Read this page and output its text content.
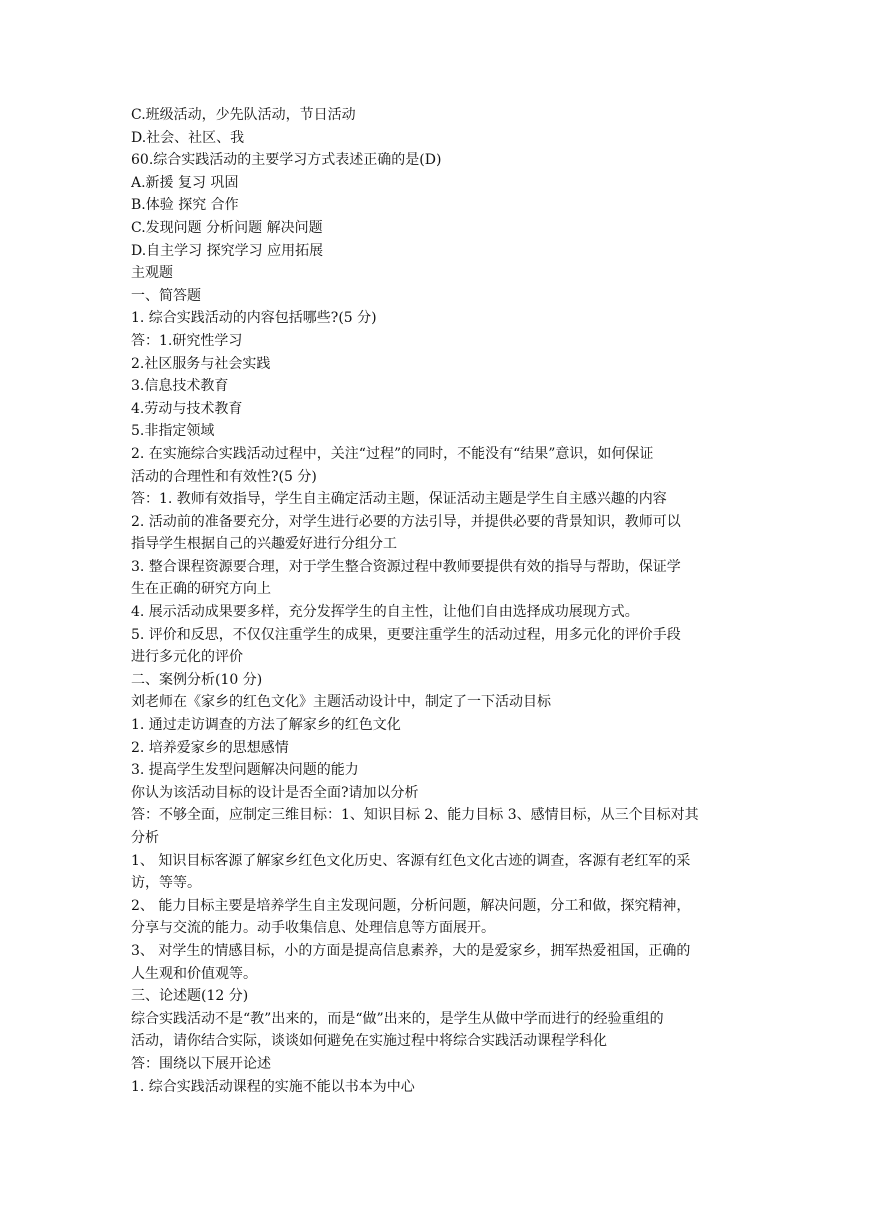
C.班级活动，少先队活动，节日活动
D.社会、社区、我
60.综合实践活动的主要学习方式表述正确的是(D)
A.新援 复习 巩固
B.体验 探究 合作
C.发现问题 分析问题 解决问题
D.自主学习 探究学习 应用拓展
主观题
一、简答题
1. 综合实践活动的内容包括哪些?(5 分)
答：1.研究性学习
2.社区服务与社会实践
3.信息技术教育
4.劳动与技术教育
5.非指定领域
2. 在实施综合实践活动过程中，关注“过程”的同时，不能没有“结果”意识，如何保证
活动的合理性和有效性?(5 分)
答：1. 教师有效指导，学生自主确定活动主题，保证活动主题是学生自主感兴趣的内容
2. 活动前的准备要充分，对学生进行必要的方法引导，并提供必要的背景知识，教师可以
指导学生根据自己的兴趣爱好进行分组分工
3. 整合课程资源要合理，对于学生整合资源过程中教师要提供有效的指导与帮助，保证学
生在正确的研究方向上
4. 展示活动成果要多样，充分发挥学生的自主性，让他们自由选择成功展现方式。
5. 评价和反思，不仅仅注重学生的成果，更要注重学生的活动过程，用多元化的评价手段
进行多元化的评价
二、案例分析(10 分)
刘老师在《家乡的红色文化》主题活动设计中，制定了一下活动目标
1. 通过走访调查的方法了解家乡的红色文化
2. 培养爱家乡的思想感情
3. 提高学生发型问题解决问题的能力
你认为该活动目标的设计是否全面?请加以分析
答：不够全面，应制定三维目标：1、知识目标 2、能力目标 3、感情目标，从三个目标对其
分析
1、 知识目标客源了解家乡红色文化历史、客源有红色文化古迹的调查，客源有老红军的采
访，等等。
2、 能力目标主要是培养学生自主发现问题，分析问题，解决问题，分工和做，探究精神，
分享与交流的能力。动手收集信息、处理信息等方面展开。
3、 对学生的情感目标，小的方面是提高信息素养，大的是爱家乡，拥军热爱祖国，正确的
人生观和价值观等。
三、论述题(12 分)
综合实践活动不是“教”出来的，而是“做”出来的，是学生从做中学而进行的经验重组的
活动，请你结合实际，谈谈如何避免在实施过程中将综合实践活动课程学科化
答：围绕以下展开论述
1. 综合实践活动课程的实施不能以书本为中心
